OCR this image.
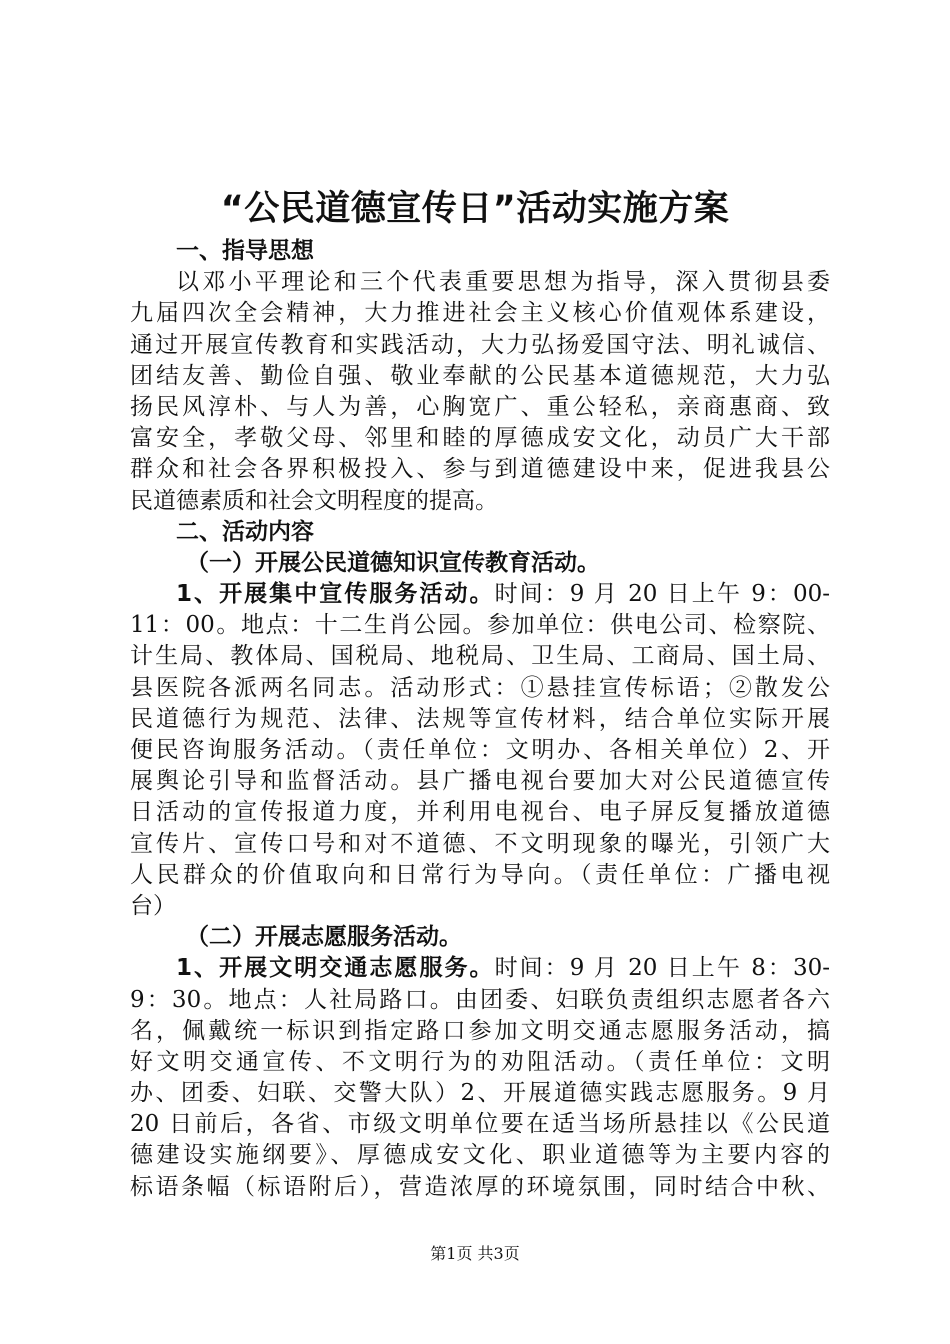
“公民道德宣传日”活动实施方案
一、指导思想
以邓小平理论和三个代表重要思想为指导，深入贯彻县委
九届四次全会精神，大力推进社会主义核心价值观体系建设，
通过开展宣传教育和实践活动，大力弘扬爱国守法、明礼诚信、
团结友善、勤俭自强、敬业奉献的公民基本道德规范，大力弘
扬民风淳朴、与人为善，心胸宽广、重公轻私，亲商惠商、致
富安全，孝敬父母、邻里和睦的厚德成安文化，动员广大干部
群众和社会各界积极投入、参与到道德建设中来，促进我县公
民道德素质和社会文明程度的提高。
二、活动内容
（一）开展公民道德知识宣传教育活动。
1、开展集中宣传服务活动。时间：9 月 20 日上午 9：00-
11：00。地点：十二生肖公园。参加单位：供电公司、检察院、
计生局、教体局、国税局、地税局、卫生局、工商局、国土局、
县医院各派两名同志。活动形式：①悬挂宣传标语；②散发公
民道德行为规范、法律、法规等宣传材料，结合单位实际开展
便民咨询服务活动。（责任单位：文明办、各相关单位）2、开
展舆论引导和监督活动。县广播电视台要加大对公民道德宣传
日活动的宣传报道力度，并利用电视台、电子屏反复播放道德
宣传片、宣传口号和对不道德、不文明现象的曝光，引领广大
人民群众的价值取向和日常行为导向。（责任单位：广播电视
台）
（二）开展志愿服务活动。
1、开展文明交通志愿服务。时间：9 月 20 日上午 8：30-
9：30。地点：人社局路口。由团委、妇联负责组织志愿者各六
名，佩戴统一标识到指定路口参加文明交通志愿服务活动，搞
好文明交通宣传、不文明行为的劝阻活动。（责任单位：文明
办、团委、妇联、交警大队）2、开展道德实践志愿服务。9 月
20 日前后，各省、市级文明单位要在适当场所悬挂以《公民道
德建设实施纲要》、厚德成安文化、职业道德等为主要内容的
标语条幅（标语附后），营造浓厚的环境氛围，同时结合中秋、
第1页 共3页
